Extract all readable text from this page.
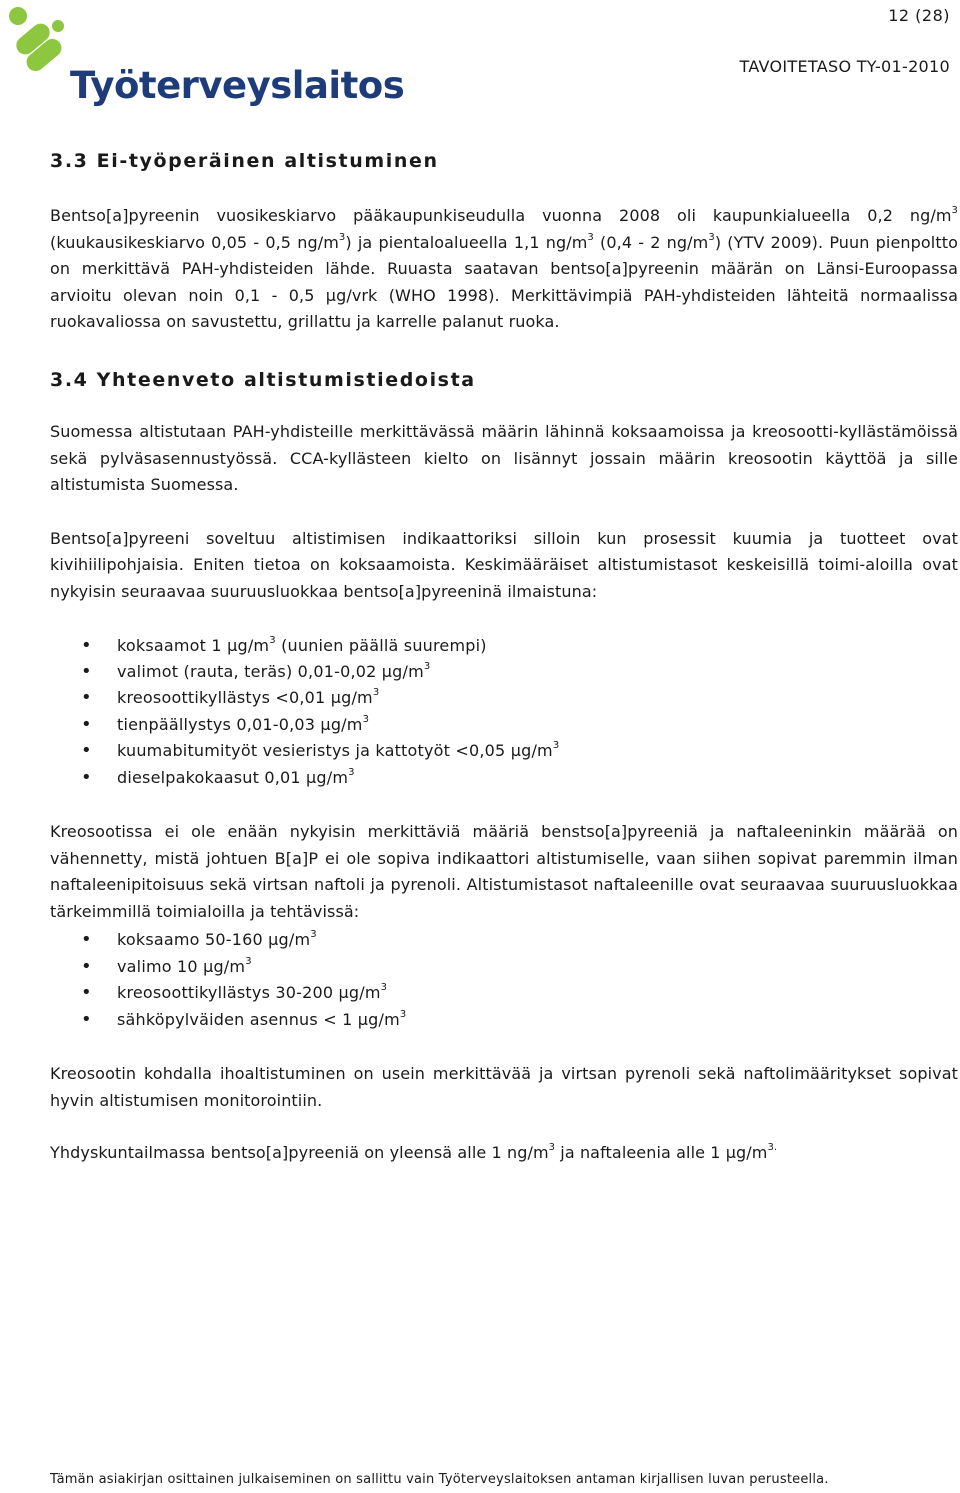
12 (28)
TAVOITETASO TY-01-2010
Työterveyslaitos
3.3 Ei-työperäinen altistuminen

Bentso[a]pyreenin vuosikeskiarvo pääkaupunkiseudulla vuonna 2008 oli kaupunkialueella 0,2 $ng/m^3$ (kuukausikeskiarvo 0,05 - 0,5 $ng/m^3$) ja pientaloalueella 1,1 $ng/m^3$ (0,4 - 2 $ng/m^3$) (YTV 2009). Puun pienpoltto on merkittävä PAH-yhdisteiden lähde. Ruuasta saatavan bentso[a]pyreenin määrän on Länsi-Euroopassa arvioitu olevan noin 0,1 - 0,5 µg/vrk (WHO 1998). Merkittävimpiä PAH-yhdisteiden lähteitä normaalissa ruokavaliossa on savustettu, grillattu ja karrelle palanut ruoka.

3.4 Yhteenveto altistumistiedoista

Suomessa altistutaan PAH-yhdisteille merkittävässä määrin lähinnä koksaamoissa ja kreosootti-kyllästämöissä sekä pylväsasennustyössä. CCA-kyllästeen kielto on lisännyt jossain määrin kreosootin käyttöä ja sille altistumista Suomessa.

Bentso[a]pyreeni soveltuu altistimisen indikaattoriksi silloin kun prosessit kuumia ja tuotteet ovat kivihiilipohjaisia. Eniten tietoa on koksaamoista. Keskimääräiset altistumistasot keskeisillä toimi-aloilla ovat nykyisin seuraavaa suuruusluokkaa bentso[a]pyreeninä ilmaistuna:

• koksaamot 1 $\mu g/m^3$ (uunien päällä suurempi)
• valimot (rauta, teräs) 0,01-0,02 $\mu g/m^3$
• kreosoottikyllästys <0,01 $\mu g/m^3$
• tienpäällystys 0,01-0,03 $\mu g/m^3$
• kuumabitumityöt vesieristys ja kattotyöt <0,05 $\mu g/m^3$
• dieselpakokaasut 0,01 $\mu g/m^3$

Kreosootissa ei ole enään nykyisin merkittäviä määriä benstso[a]pyreeniä ja naftaleeninkin määrää on vähennetty, mistä johtuen B[a]P ei ole sopiva indikaattori altistumiselle, vaan siihen sopivat paremmin ilman naftaleenipitoisuus sekä virtsan naftoli ja pyrenoli. Altistumistasot naftaleenille ovat seuraavaa suuruusluokkaa tärkeimmillä toimialoilla ja tehtävissä:

• koksaamo 50-160 $\mu g/m^3$
• valimo 10 $\mu g/m^3$
• kreosoottikyllästys 30-200 $\mu g/m^3$
• sähköpylväiden asennus < 1 $\mu g/m^3$

Kreosootin kohdalla ihoaltistuminen on usein merkittävää ja virtsan pyrenoli sekä naftolimääritykset sopivat hyvin altistumisen monitorointiin.

Yhdyskuntailmassa bentso[a]pyreeniä on yleensä alle 1 $ng/m^3$ ja naftaleenia alle 1 $\mu g/m^{3.}$

Tämän asiakirjan osittainen julkaiseminen on sallittu vain Työterveyslaitoksen antaman kirjallisen luvan perusteella.
